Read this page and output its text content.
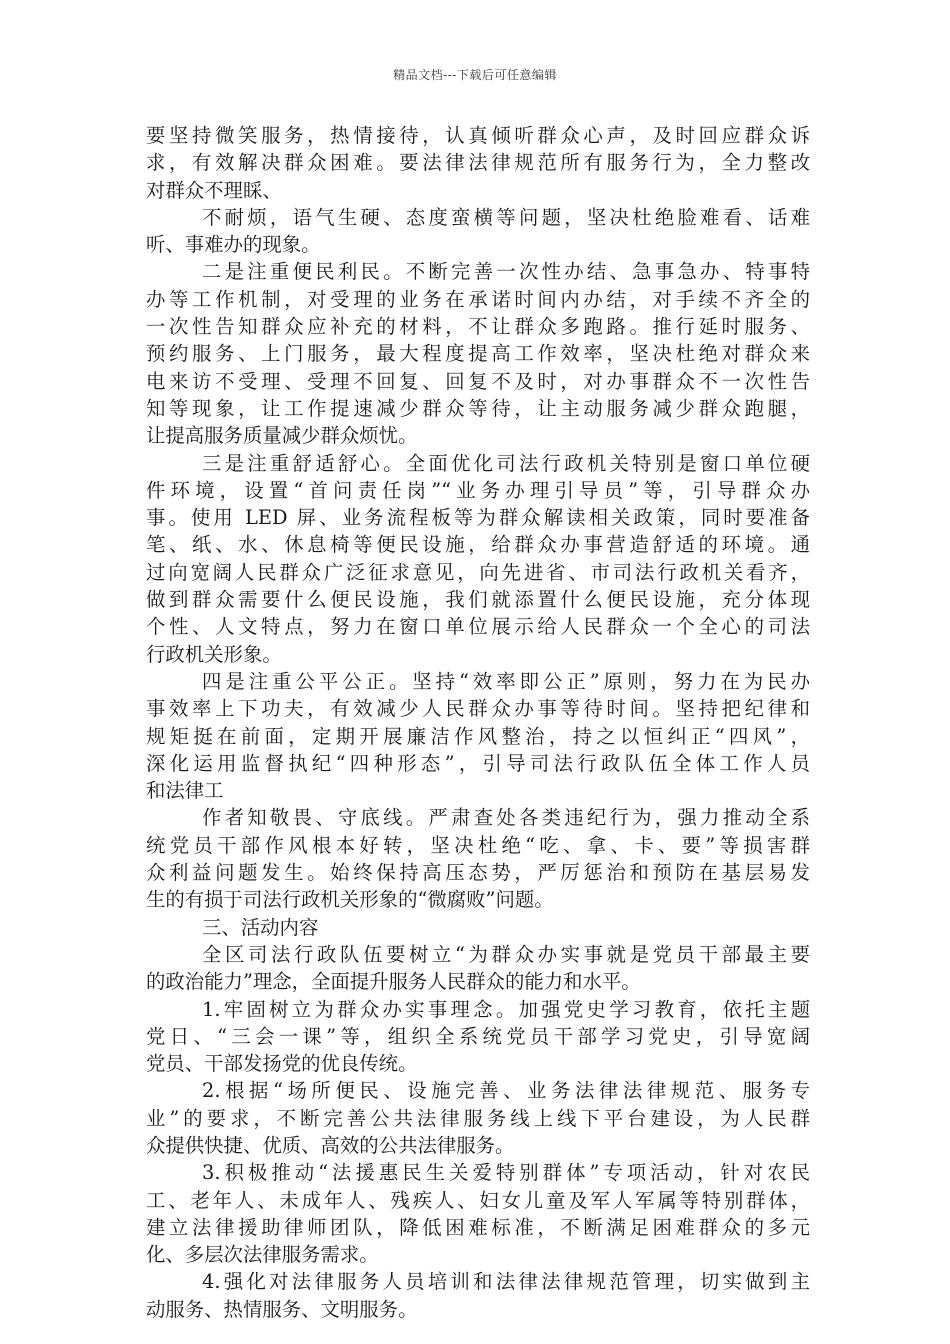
精品文档---下载后可任意编辑
要坚持微笑服务，热情接待，认真倾听群众心声，及时回应群众诉
求，有效解决群众困难。要法律法律规范所有服务行为，全力整改
对群众不理睬、
不耐烦，语气生硬、态度蛮横等问题，坚决杜绝脸难看、话难
听、事难办的现象。
二是注重便民利民。不断完善一次性办结、急事急办、特事特
办等工作机制，对受理的业务在承诺时间内办结，对手续不齐全的
一次性告知群众应补充的材料，不让群众多跑路。推行延时服务、
预约服务、上门服务，最大程度提高工作效率，坚决杜绝对群众来
电来访不受理、受理不回复、回复不及时，对办事群众不一次性告
知等现象，让工作提速减少群众等待，让主动服务减少群众跑腿，
让提高服务质量减少群众烦忧。
三是注重舒适舒心。全面优化司法行政机关特别是窗口单位硬
件环境，设置“首问责任岗”“业务办理引导员”等，引导群众办
事。使用 LED 屏、业务流程板等为群众解读相关政策，同时要准备
笔、纸、水、休息椅等便民设施，给群众办事营造舒适的环境。通
过向宽阔人民群众广泛征求意见，向先进省、市司法行政机关看齐，
做到群众需要什么便民设施，我们就添置什么便民设施，充分体现
个性、人文特点，努力在窗口单位展示给人民群众一个全心的司法
行政机关形象。
四是注重公平公正。坚持“效率即公正”原则，努力在为民办
事效率上下功夫，有效减少人民群众办事等待时间。坚持把纪律和
规矩挺在前面，定期开展廉洁作风整治，持之以恒纠正“四风”，
深化运用监督执纪“四种形态”，引导司法行政队伍全体工作人员
和法律工
作者知敬畏、守底线。严肃查处各类违纪行为，强力推动全系
统党员干部作风根本好转，坚决杜绝“吃、拿、卡、要”等损害群
众利益问题发生。始终保持高压态势，严厉惩治和预防在基层易发
生的有损于司法行政机关形象的“微腐败”问题。
三、活动内容
全区司法行政队伍要树立“为群众办实事就是党员干部最主要
的政治能力”理念，全面提升服务人民群众的能力和水平。
1.牢固树立为群众办实事理念。加强党史学习教育，依托主题
党日、“三会一课”等，组织全系统党员干部学习党史，引导宽阔
党员、干部发扬党的优良传统。
2.根据“场所便民、设施完善、业务法律法律规范、服务专
业”的要求，不断完善公共法律服务线上线下平台建设，为人民群
众提供快捷、优质、高效的公共法律服务。
3.积极推动“法援惠民生关爱特别群体”专项活动，针对农民
工、老年人、未成年人、残疾人、妇女儿童及军人军属等特别群体，
建立法律援助律师团队，降低困难标准，不断满足困难群众的多元
化、多层次法律服务需求。
4.强化对法律服务人员培训和法律法律规范管理，切实做到主
动服务、热情服务、文明服务。
